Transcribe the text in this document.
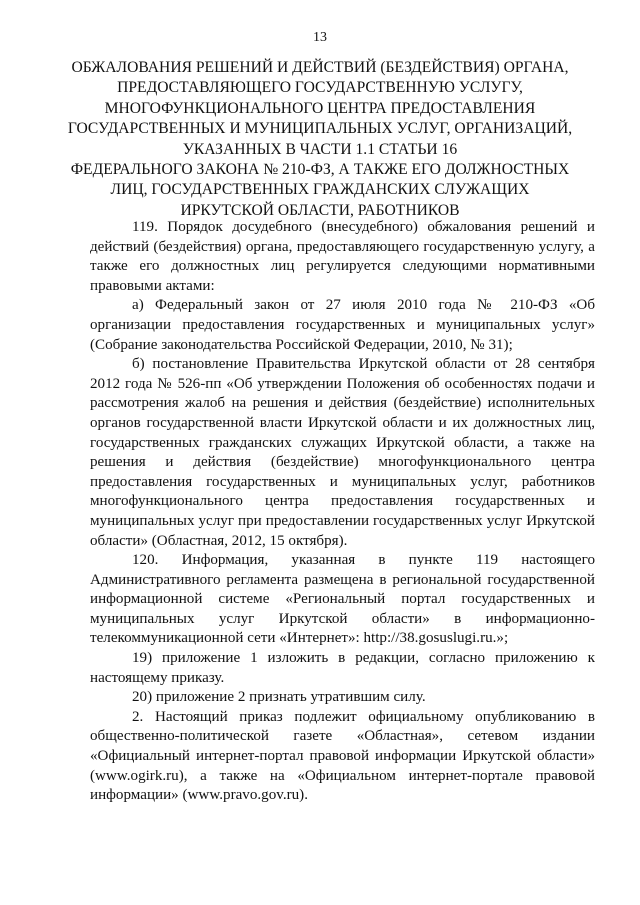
13
ОБЖАЛОВАНИЯ РЕШЕНИЙ И ДЕЙСТВИЙ (БЕЗДЕЙСТВИЯ) ОРГАНА,
ПРЕДОСТАВЛЯЮЩЕГО ГОСУДАРСТВЕННУЮ УСЛУГУ,
МНОГОФУНКЦИОНАЛЬНОГО ЦЕНТРА ПРЕДОСТАВЛЕНИЯ
ГОСУДАРСТВЕННЫХ И МУНИЦИПАЛЬНЫХ УСЛУГ, ОРГАНИЗАЦИЙ,
УКАЗАННЫХ В ЧАСТИ 1.1 СТАТЬИ 16
ФЕДЕРАЛЬНОГО ЗАКОНА № 210-ФЗ, А ТАКЖЕ ЕГО ДОЛЖНОСТНЫХ
ЛИЦ, ГОСУДАРСТВЕННЫХ ГРАЖДАНСКИХ СЛУЖАЩИХ
ИРКУТСКОЙ ОБЛАСТИ, РАБОТНИКОВ

119. Порядок досудебного (внесудебного) обжалования решений и действий (бездействия) органа, предоставляющего государственную услугу, а также его должностных лиц регулируется следующими нормативными правовыми актами:

а) Федеральный закон от 27 июля 2010 года № 210-ФЗ «Об организации предоставления государственных и муниципальных услуг» (Собрание законодательства Российской Федерации, 2010, № 31);

б) постановление Правительства Иркутской области от 28 сентября 2012 года № 526-пп «Об утверждении Положения об особенностях подачи и рассмотрения жалоб на решения и действия (бездействие) исполнительных органов государственной власти Иркутской области и их должностных лиц, государственных гражданских служащих Иркутской области, а также на решения и действия (бездействие) многофункционального центра предоставления государственных и муниципальных услуг, работников многофункционального центра предоставления государственных и муниципальных услуг при предоставлении государственных услуг Иркутской области» (Областная, 2012, 15 октября).

120. Информация, указанная в пункте 119 настоящего Административного регламента размещена в региональной государственной информационной системе «Региональный портал государственных и муниципальных услуг Иркутской области» в информационно-телекоммуникационной сети «Интернет»: http://38.gosuslugi.ru.»;

19) приложение 1 изложить в редакции, согласно приложению к настоящему приказу.

20) приложение 2 признать утратившим силу.

2. Настоящий приказ подлежит официальному опубликованию в общественно-политической газете «Областная», сетевом издании «Официальный интернет-портал правовой информации Иркутской области» (www.ogirk.ru), а также на «Официальном интернет-портале правовой информации» (www.pravo.gov.ru).
